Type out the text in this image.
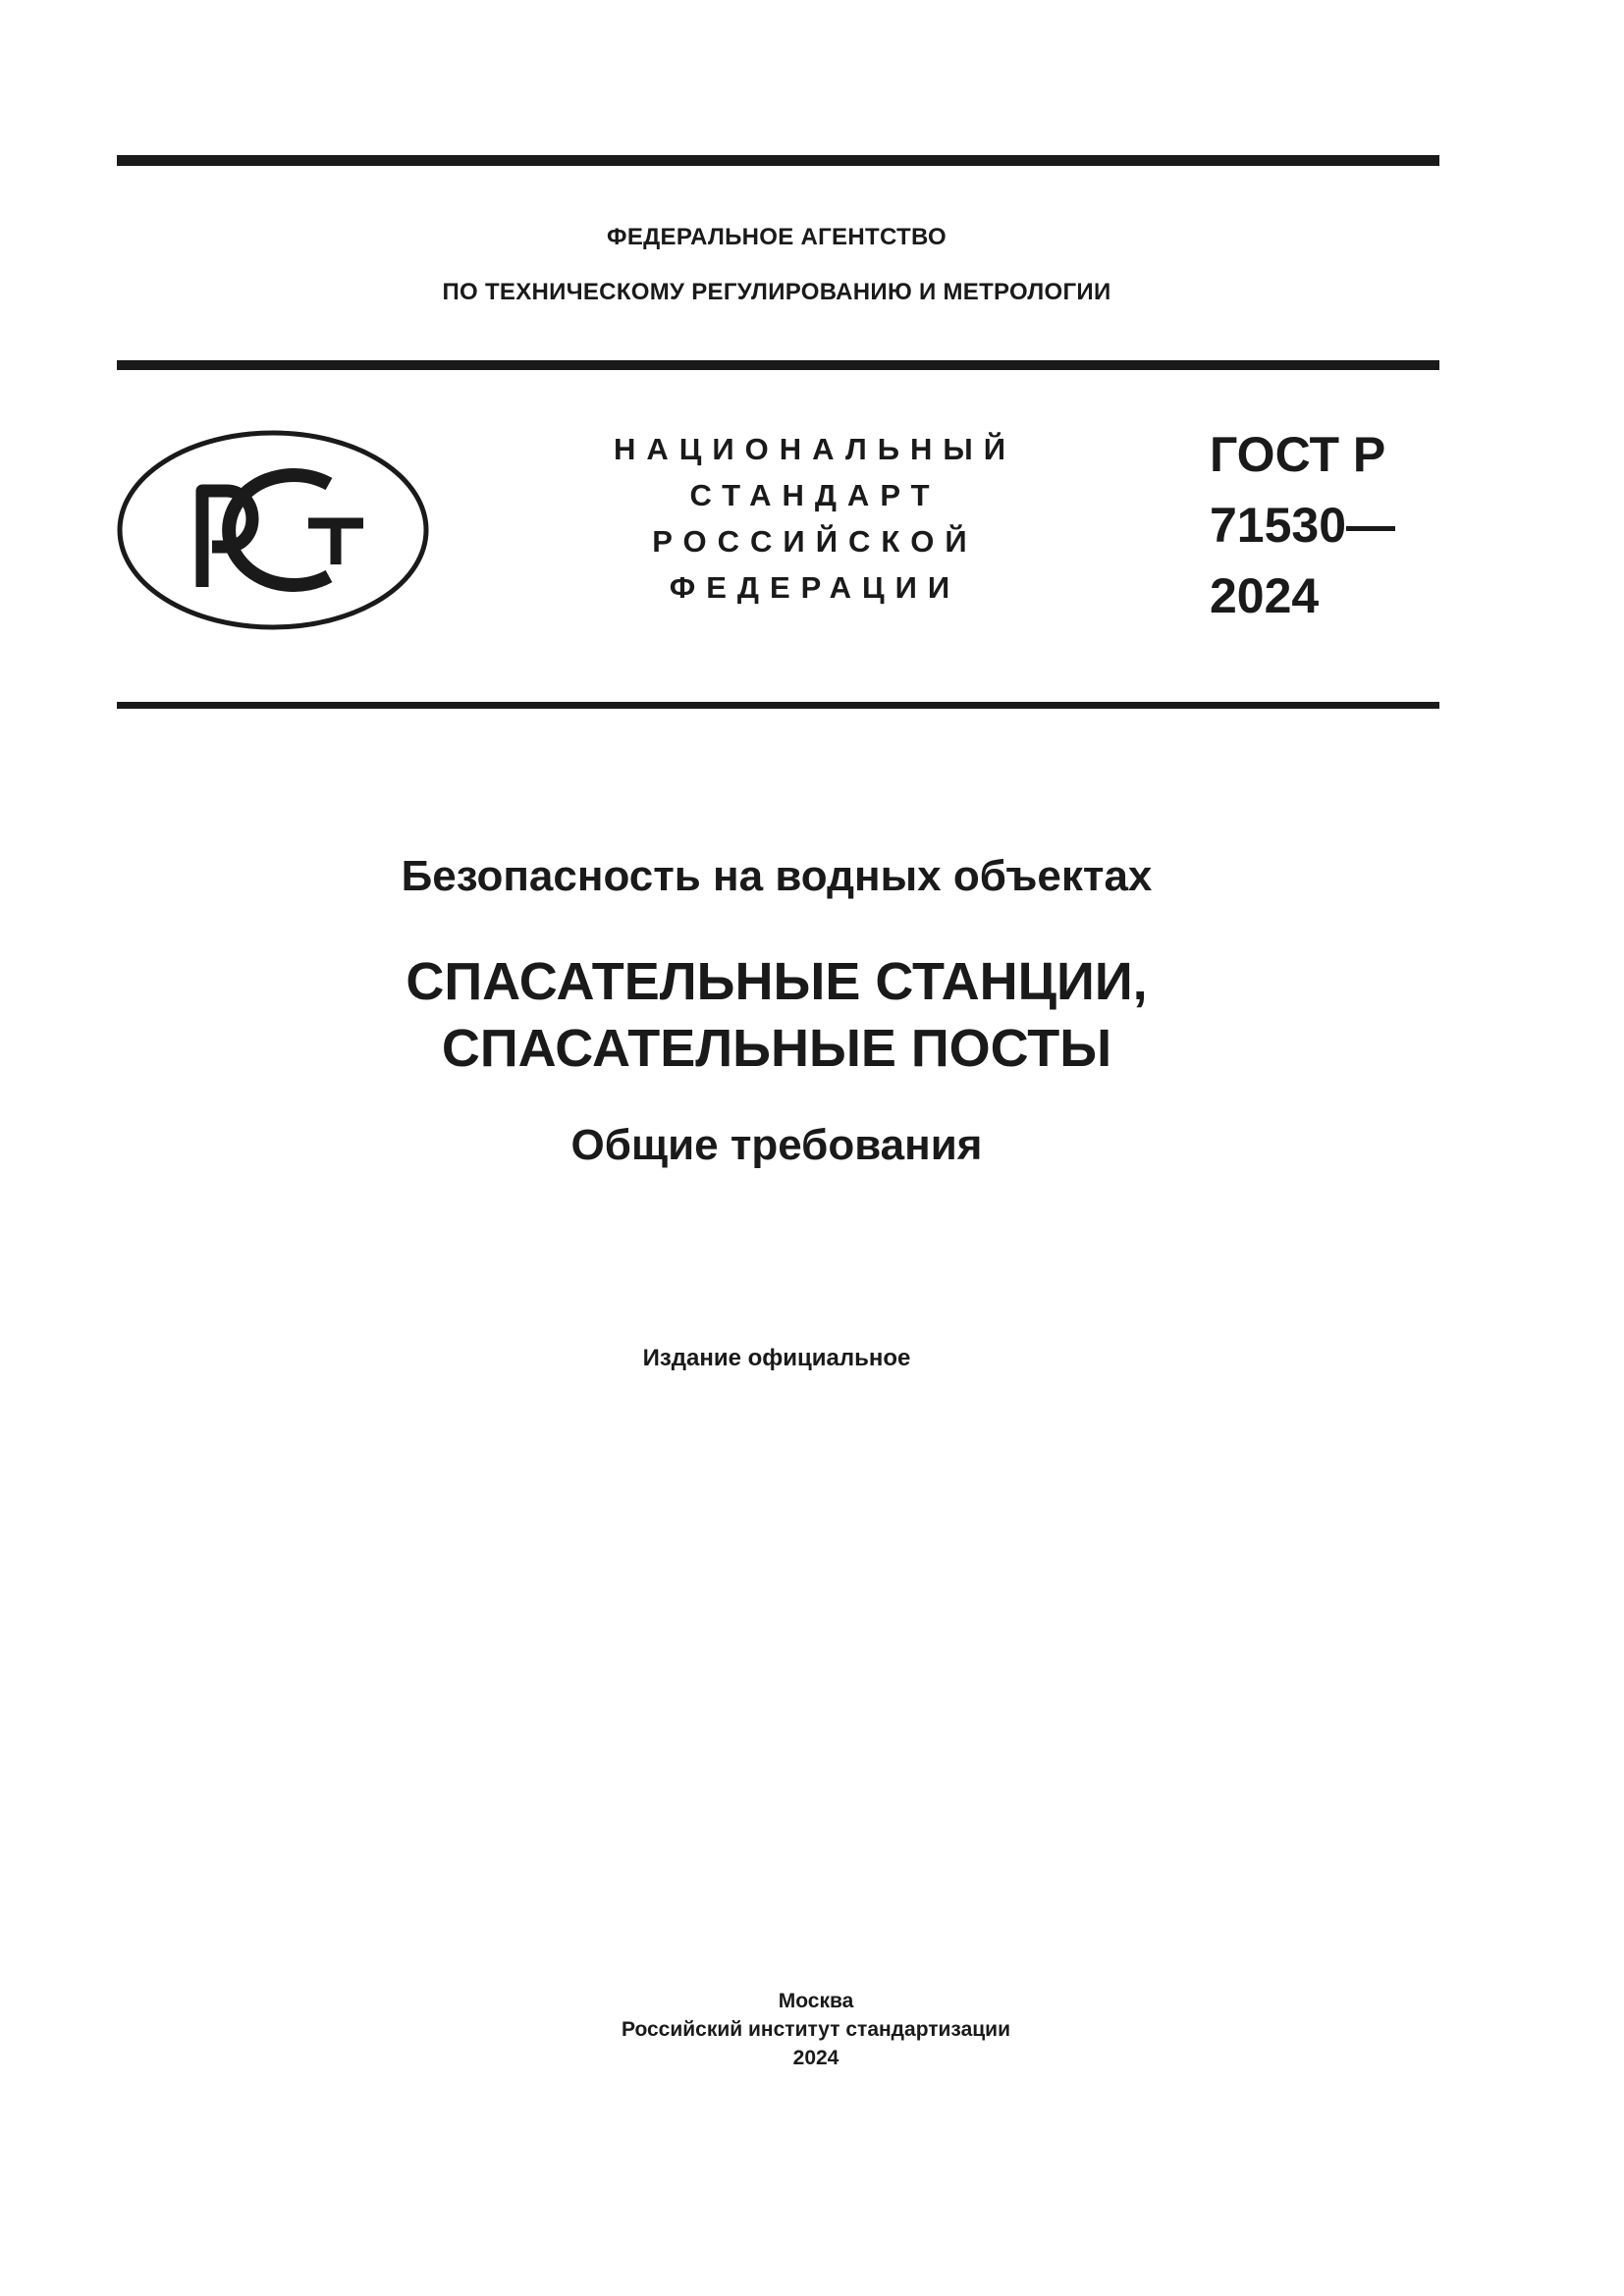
ФЕДЕРАЛЬНОЕ АГЕНТСТВО
ПО ТЕХНИЧЕСКОМУ РЕГУЛИРОВАНИЮ И МЕТРОЛОГИИ
НАЦИОНАЛЬНЫЙ
СТАНДАРТ
РОССИЙСКОЙ
ФЕДЕРАЦИИ
ГОСТ Р
71530—
2024
Безопасность на водных объектах
СПАСАТЕЛЬНЫЕ СТАНЦИИ,
СПАСАТЕЛЬНЫЕ ПОСТЫ
Общие требования
Издание официальное
Москва
Российский институт стандартизации
2024
